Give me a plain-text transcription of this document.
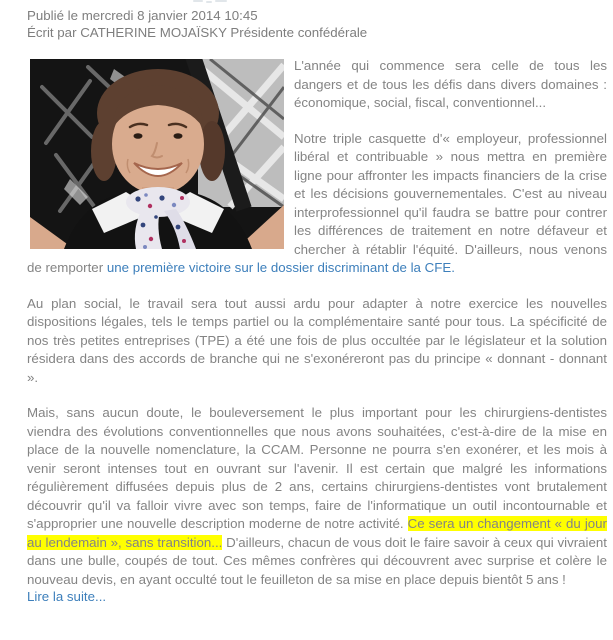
Publié le mercredi 8 janvier 2014 10:45
Écrit par CATHERINE MOJAÏSKY Présidente confédérale

L'année qui commence sera celle de tous les dangers et de tous les défis dans divers domaines : économique, social, fiscal, conventionnel...

Notre triple casquette d'« employeur, professionnel libéral et contribuable » nous mettra en première ligne pour affronter les impacts financiers de la crise et les décisions gouvernementales. C'est au niveau interprofessionnel qu'il faudra se battre pour contrer les différences de traitement en notre défaveur et chercher à rétablir l'équité. D'ailleurs, nous venons de remporter une première victoire sur le dossier discriminant de la CFE.

Au plan social, le travail sera tout aussi ardu pour adapter à notre exercice les nouvelles dispositions légales, tels le temps partiel ou la complémentaire santé pour tous. La spécificité de nos très petites entreprises (TPE) a été une fois de plus occultée par le législateur et la solution résidera dans des accords de branche qui ne s'exonéreront pas du principe « donnant - donnant ».

Mais, sans aucun doute, le bouleversement le plus important pour les chirurgiens-dentistes viendra des évolutions conventionnelles que nous avons souhaitées, c'est-à-dire de la mise en place de la nouvelle nomenclature, la CCAM. Personne ne pourra s'en exonérer, et les mois à venir seront intenses tout en ouvrant sur l'avenir. Il est certain que malgré les informations régulièrement diffusées depuis plus de 2 ans, certains chirurgiens-dentistes vont brutalement découvrir qu'il va falloir vivre avec son temps, faire de l'informatique un outil incontournable et s'approprier une nouvelle description moderne de notre activité. Ce sera un changement « du jour au lendemain », sans transition... D'ailleurs, chacun de vous doit le faire savoir à ceux qui vivraient dans une bulle, coupés de tout. Ces mêmes confrères qui découvrent avec surprise et colère le nouveau devis, en ayant occulté tout le feuilleton de sa mise en place depuis bientôt 5 ans !

Lire la suite...
